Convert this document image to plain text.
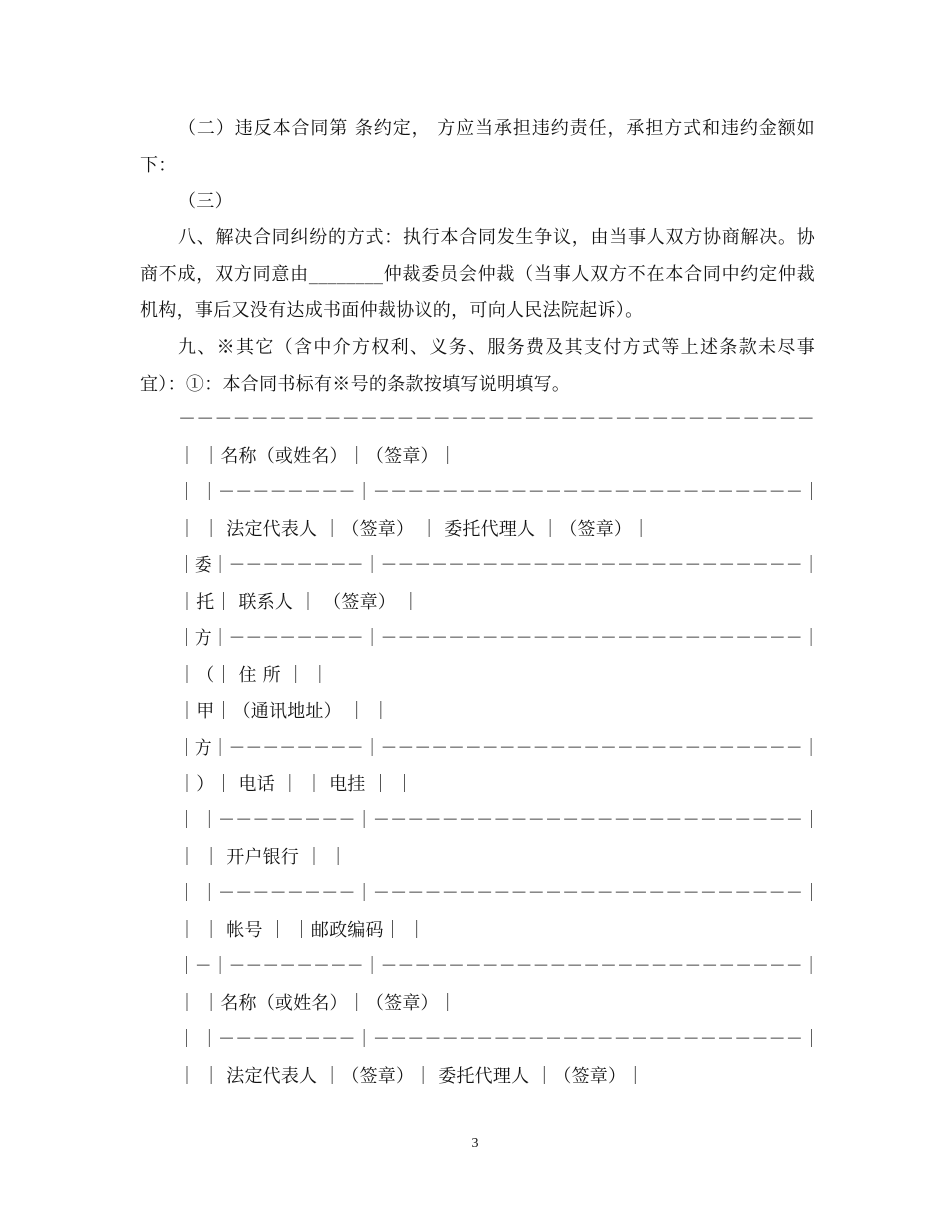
（二）违反本合同第 条约定， 方应当承担违约责任，承担方式和违约金额如下：

（三）

八、解决合同纠纷的方式：执行本合同发生争议，由当事人双方协商解决。协商不成，双方同意由________仲裁委员会仲裁（当事人双方不在本合同中约定仲裁机构，事后又没有达成书面仲裁协议的，可向人民法院起诉）。

九、※其它（含中介方权利、义务、服务费及其支付方式等上述条款未尽事宜）：①：本合同书标有※号的条款按填写说明填写。

－－－－－－－－－－－－－－－－－－－－－－－－－－－－－－－－－－－
｜ ｜名称（或姓名）｜（签章）｜
｜ ｜－－－－－－－－｜－－－－－－－－－－－－－－－－－－－－－－－－－｜
｜ ｜ 法定代表人 ｜（签章） ｜ 委托代理人 ｜（签章）｜
｜委｜－－－－－－－－｜－－－－－－－－－－－－－－－－－－－－－－－－－｜
｜托｜ 联系人 ｜ （签章） ｜
｜方｜－－－－－－－－｜－－－－－－－－－－－－－－－－－－－－－－－－－｜
｜（｜ 住 所 ｜ ｜
｜甲｜（通讯地址） ｜ ｜
｜方｜－－－－－－－－｜－－－－－－－－－－－－－－－－－－－－－－－－－｜
｜）｜ 电话 ｜ ｜ 电挂 ｜ ｜
｜ ｜－－－－－－－－｜－－－－－－－－－－－－－－－－－－－－－－－－－｜
｜ ｜ 开户银行 ｜ ｜
｜ ｜－－－－－－－－｜－－－－－－－－－－－－－－－－－－－－－－－－－｜
｜ ｜ 帐号 ｜ ｜邮政编码｜ ｜
｜－｜－－－－－－－－｜－－－－－－－－－－－－－－－－－－－－－－－－－｜
｜ ｜名称（或姓名）｜（签章）｜
｜ ｜－－－－－－－－｜－－－－－－－－－－－－－－－－－－－－－－－－－｜
｜ ｜ 法定代表人 ｜（签章）｜ 委托代理人 ｜（签章）｜
3
